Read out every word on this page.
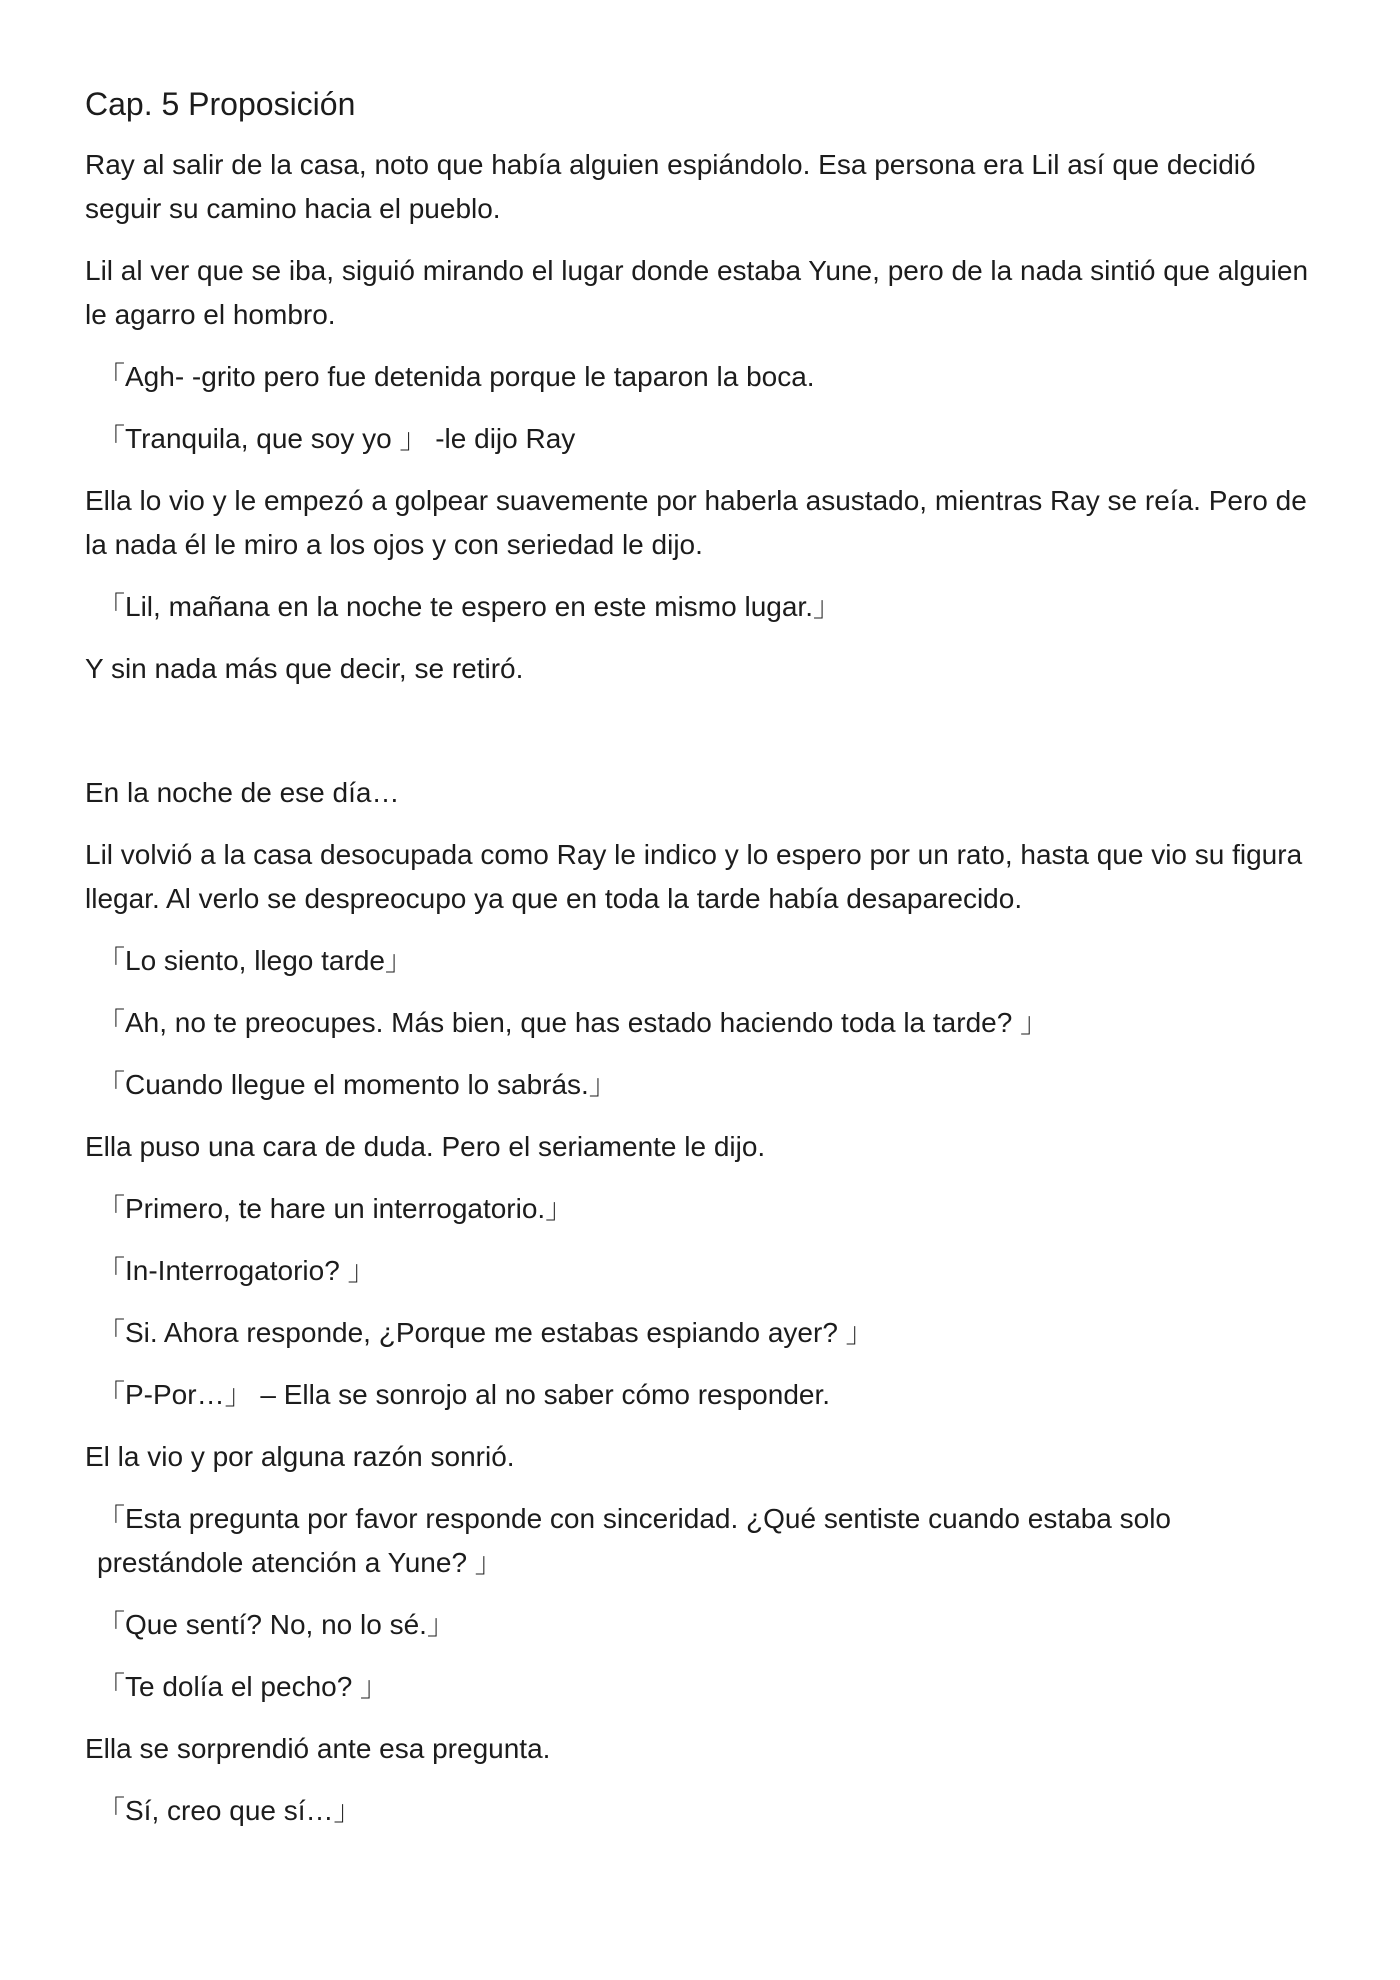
Cap. 5 Proposición
Ray al salir de la casa, noto que había alguien espiándolo. Esa persona era Lil así que decidió seguir su camino hacia el pueblo.
Lil al ver que se iba, siguió mirando el lugar donde estaba Yune, pero de la nada sintió que alguien le agarro el hombro.
「Agh- -grito pero fue detenida porque le taparon la boca.
「Tranquila, que soy yo 」 -le dijo Ray
Ella lo vio y le empezó a golpear suavemente por haberla asustado, mientras Ray se reía. Pero de la nada él le miro a los ojos y con seriedad le dijo.
「Lil, mañana en la noche te espero en este mismo lugar.」
Y sin nada más que decir, se retiró.
En la noche de ese día…
Lil volvió a la casa desocupada como Ray le indico y lo espero por un rato, hasta que vio su figura llegar. Al verlo se despreocupo ya que en toda la tarde había desaparecido.
「Lo siento, llego tarde」
「Ah, no te preocupes. Más bien, que has estado haciendo toda la tarde? 」
「Cuando llegue el momento lo sabrás.」
Ella puso una cara de duda. Pero el seriamente le dijo.
「Primero, te hare un interrogatorio.」
「In-Interrogatorio? 」
「Si. Ahora responde, ¿Porque me estabas espiando ayer? 」
「P-Por…」 – Ella se sonrojo al no saber cómo responder.
El la vio y por alguna razón sonrió.
「Esta pregunta por favor responde con sinceridad. ¿Qué sentiste cuando estaba solo prestándole atención a Yune? 」
「Que sentí? No, no lo sé.」
「Te dolía el pecho? 」
Ella se sorprendió ante esa pregunta.
「Sí, creo que sí…」
